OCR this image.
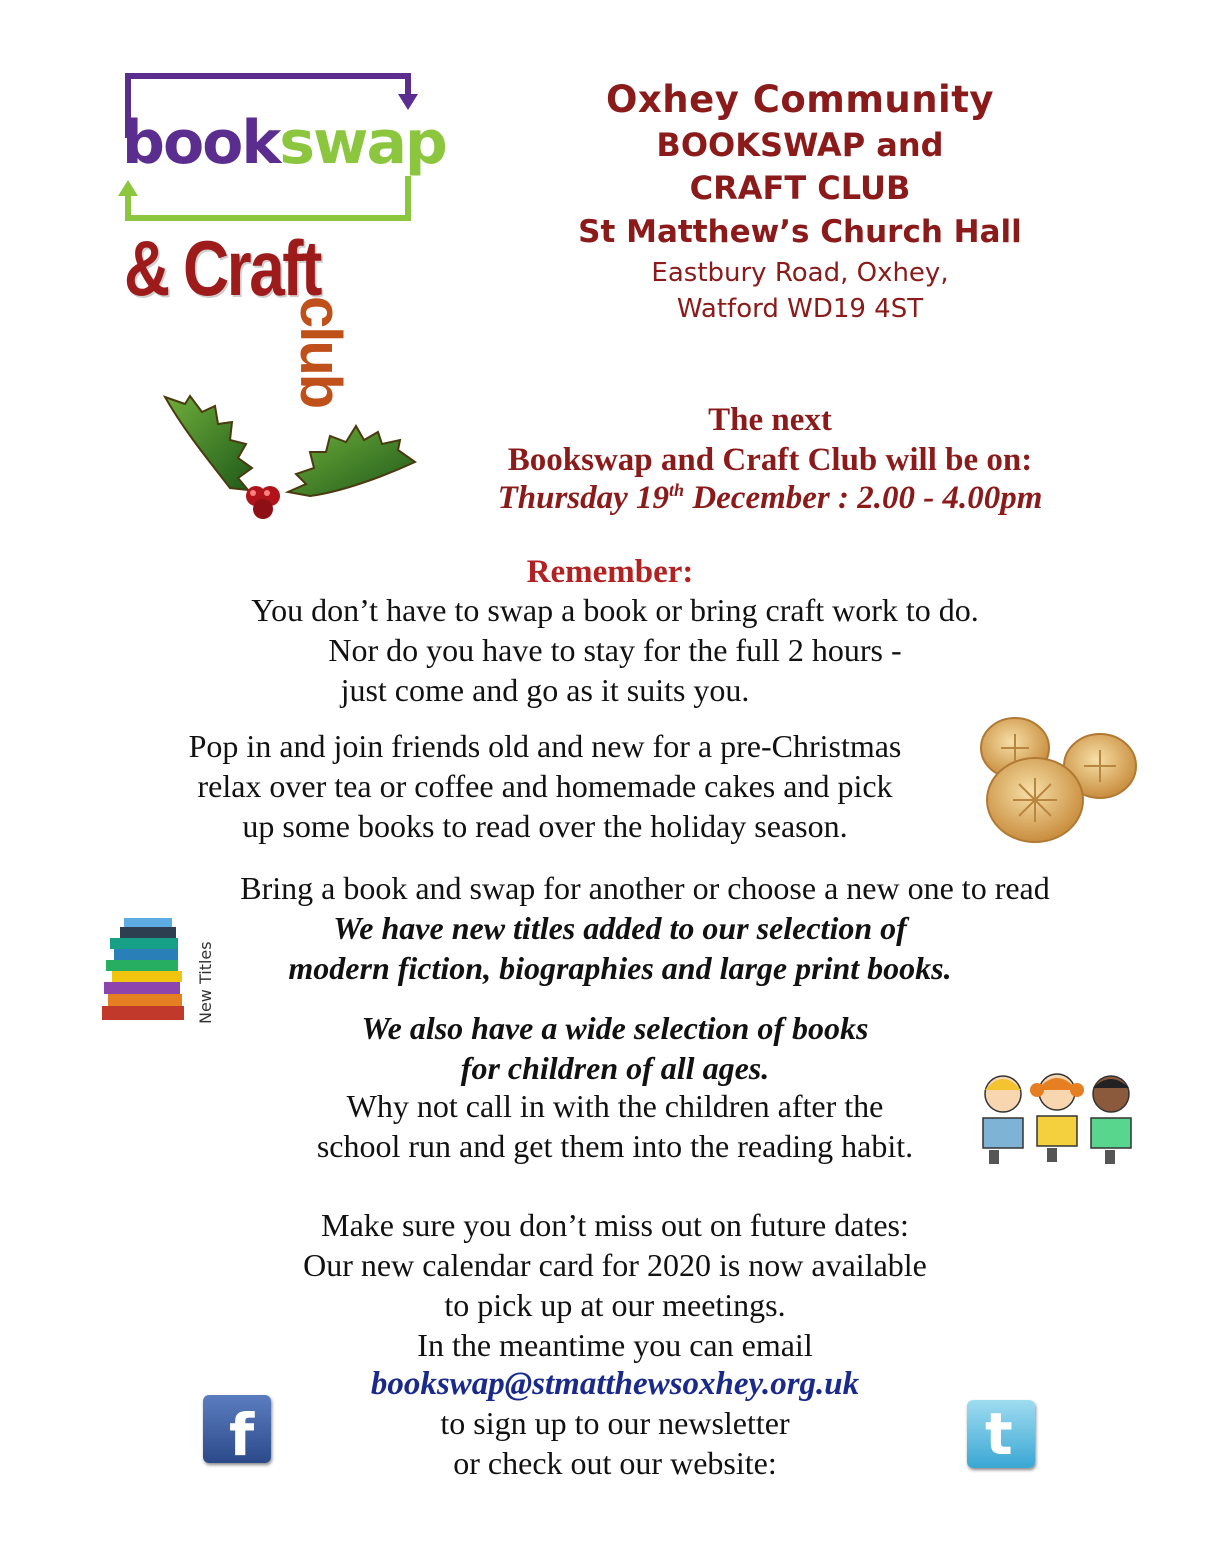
bookswap
& Craft
club
Oxhey Community
BOOKSWAP and
CRAFT CLUB
St Matthew’s Church Hall
Eastbury Road, Oxhey,
Watford WD19 4ST
The next
Bookswap and Craft Club will be on:
Thursday 19th December : 2.00 - 4.00pm
Remember:
You don’t have to swap a book or bring craft work to do.
Nor do you have to stay for the full 2 hours -
just come and go as it suits you.
Pop in and join friends old and new for a pre-Christmas
relax over tea or coffee and homemade cakes and pick
up some books to read over the holiday season.
Bring a book and swap for another or choose a new one to read
We have new titles added to our selection of
modern fiction, biographies and large print books.
New Titles
We also have a wide selection of books
for children of all ages.
Why not call in with the children after the
school run and get them into the reading habit.
Make sure you don’t miss out on future dates:
Our new calendar card for 2020 is now available
to pick up at our meetings.
In the meantime you can email
bookswap@stmatthewsoxhey.org.uk
to sign up to our newsletter
or check out our website:
f	t
